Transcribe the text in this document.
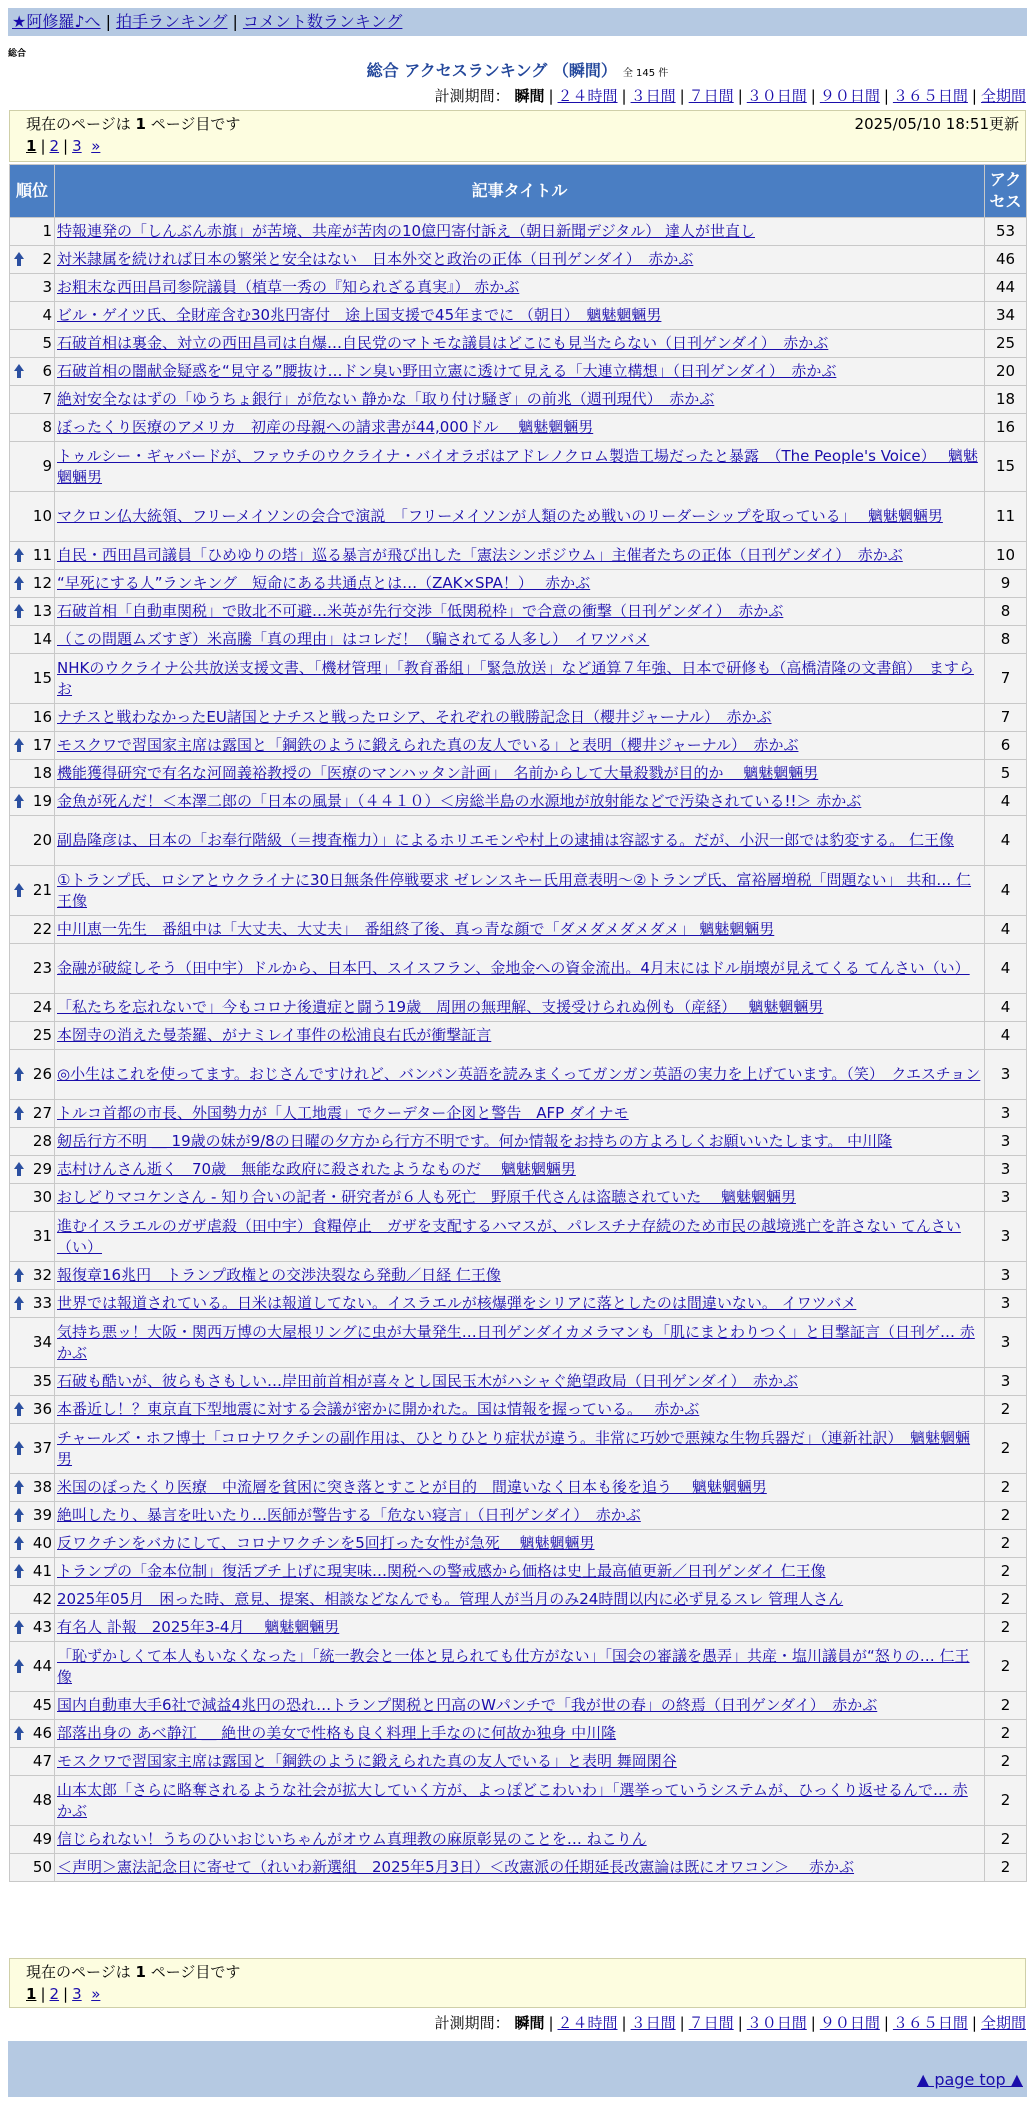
★阿修羅♪へ | 拍手ランキング | コメント数ランキング
総合
総合 アクセスランキング （瞬間） 全 145 件
計測期間： 瞬間 | ２４時間 | ３日間 | ７日間 | ３０日間 | ９０日間 | ３６５日間 | 全期間
現在のページは 1 ページ目です	2025/05/10 18:51更新
1 | 2 | 3 »
順位	記事タイトル	アクセス
1	特報連発の「しんぶん赤旗」が苦境、共産が苦肉の10億円寄付訴え（朝日新聞デジタル） 達人が世直し	53

2	対米隷属を続ければ日本の繁栄と安全はない　日本外交と政治の正体（日刊ゲンダイ）　赤かぶ	46
3	お粗末な西田昌司参院議員（植草一秀の『知られざる真実』） 赤かぶ	44
4	ビル・ゲイツ氏、全財産含む30兆円寄付　途上国支援で45年までに （朝日）　魑魅魍魎男	34
5	石破首相は裏金、対立の西田昌司は自爆…自民党のマトモな議員はどこにも見当たらない（日刊ゲンダイ）　赤かぶ	25

6	石破首相の闇献金疑惑を“見守る”腰抜け…ドン臭い野田立憲に透けて見える「大連立構想」（日刊ゲンダイ）　赤かぶ	20
7	絶対安全なはずの「ゆうちょ銀行」が危ない 静かな「取り付け騒ぎ」の前兆（週刊現代）　赤かぶ	18
8	ぼったくり医療のアメリカ　初産の母親への請求書が44,000ドル　 魑魅魍魎男	16
9	トゥルシー・ギャバードが、ファウチのウクライナ・バイオラボはアドレノクロム製造工場だったと暴露　（The People's Voice）　 魑魅魍魎男	15
10	マクロン仏大統領、フリーメイソンの会合で演説　「フリーメイソンが人類のため戦いのリーダーシップを取っている」　 魑魅魍魎男	11

11	自民・西田昌司議員「ひめゆりの塔」巡る暴言が飛び出した「憲法シンポジウム」主催者たちの正体（日刊ゲンダイ）　赤かぶ	10

12	“早死にする人”ランキング　短命にある共通点とは…（ZAK×SPA！）　 赤かぶ	9

13	石破首相「自動車関税」で敗北不可避…米英が先行交渉「低関税枠」で合意の衝撃（日刊ゲンダイ）　赤かぶ	8
14	（この問題ムズすぎ）米高騰「真の理由」はコレだ！（騙されてる人多し）　イワツバメ	8
15	NHKのウクライナ公共放送支援文書、「機材管理」「教育番組」「緊急放送」など通算７年強、日本で研修も（高橋清隆の文書館）　ますらお	7
16	ナチスと戦わなかったEU諸国とナチスと戦ったロシア、それぞれの戦勝記念日（櫻井ジャーナル）　赤かぶ	7

17	モスクワで習国家主席は露国と「鋼鉄のように鍛えられた真の友人でいる」と表明（櫻井ジャーナル）　赤かぶ	6
18	機能獲得研究で有名な河岡義裕教授の「医療のマンハッタン計画」　名前からして大量殺戮が目的か　 魑魅魍魎男	5

19	金魚が死んだ！＜本澤二郎の「日本の風景」（４４１０）＜房総半島の水源地が放射能などで汚染されている!!＞ 赤かぶ	4
20	副島隆彦は、日本の「お奉行階級（＝捜査権力）」によるホリエモンや村上の逮捕は容認する。だが、小沢一郎では豹変する。 仁王像	4

21	①トランプ氏、ロシアとウクライナに30日無条件停戦要求 ゼレンスキー氏用意表明～②トランプ氏、富裕層増税「問題ない」 共和… 仁王像	4
22	中川恵一先生　番組中は「大丈夫、大丈夫」　番組終了後、真っ青な顔で「ダメダメダメダメ」 魑魅魍魎男	4
23	金融が破綻しそう（田中宇）ドルから、日本円、スイスフラン、金地金への資金流出。4月末にはドル崩壊が見えてくる てんさい（い）	4
24	「私たちを忘れないで」今もコロナ後遺症と闘う19歳　周囲の無理解、支援受けられぬ例も（産経）　 魑魅魍魎男	4
25	本圀寺の消えた曼荼羅、がナミレイ事件の松浦良右氏が衝撃証言	4

26	◎小生はこれを使ってます。おじさんですけれど、バンバン英語を読みまくってガンガン英語の実力を上げています。（笑）　クエスチョン	3

27	トルコ首都の市長、外国勢力が「人工地震」でクーデター企図と警告　AFP ダイナモ	3
28	剱岳行方不明 ＿ 19歳の妹が9/8の日曜の夕方から行方不明です。何か情報をお持ちの方よろしくお願いいたします。 中川隆	3

29	志村けんさん逝く　70歳　無能な政府に殺されたようなものだ　 魑魅魍魎男	3
30	おしどりマコケンさん - 知り合いの記者・研究者が６人も死亡　野原千代さんは盗聴されていた　 魑魅魍魎男	3
31	進むイスラエルのガザ虐殺（田中宇）食糧停止　ガザを支配するハマスが、パレスチナ存続のため市民の越境逃亡を許さない てんさい（い）	3

32	報復章16兆円　トランプ政権との交渉決裂なら発動／日経 仁王像	3

33	世界では報道されている。日米は報道してない。イスラエルが核爆弾をシリアに落としたのは間違いない。 イワツバメ	3
34	気持ち悪ッ！大阪・関西万博の大屋根リングに虫が大量発生…日刊ゲンダイカメラマンも「肌にまとわりつく」と目撃証言（日刊ゲ… 赤かぶ	3
35	石破も酷いが、彼らもさもしい…岸田前首相が喜々とし国民玉木がハシャぐ絶望政局（日刊ゲンダイ）　赤かぶ	3

36	本番近し！？東京直下型地震に対する会議が密かに開かれた。国は情報を握っている。　 赤かぶ	2

37	チャールズ・ホフ博士「コロナワクチンの副作用は、ひとりひとり症状が違う。非常に巧妙で悪辣な生物兵器だ」（連新社訳）　魑魅魍魎男	2

38	米国のぼったくり医療　中流層を貧困に突き落とすことが目的　間違いなく日本も後を追う　 魑魅魍魎男	2

39	絶叫したり、暴言を吐いたり…医師が警告する「危ない寝言」（日刊ゲンダイ）　赤かぶ	2

40	反ワクチンをバカにして、コロナワクチンを5回打った女性が急死　 魑魅魍魎男	2

41	トランプの「金本位制」復活ブチ上げに現実味…関税への警戒感から価格は史上最高値更新／日刊ゲンダイ 仁王像	2
42	2025年05月　困った時、意見、提案、相談などなんでも。管理人が当月のみ24時間以内に必ず見るスレ 管理人さん	2

43	有名人 訃報　2025年3-4月　 魑魅魍魎男	2

44	「恥ずかしくて本人もいなくなった」「統一教会と一体と見られても仕方がない」「国会の審議を愚弄」共産・塩川議員が“怒りの… 仁王像	2
45	国内自動車大手6社で減益4兆円の恐れ…トランプ関税と円高のWパンチで「我が世の春」の終焉（日刊ゲンダイ）　赤かぶ	2

46	部落出身の あべ静江 ＿ 絶世の美女で性格も良く料理上手なのに何故か独身 中川隆	2
47	モスクワで習国家主席は露国と「鋼鉄のように鍛えられた真の友人でいる」と表明 舞岡閑谷	2
48	山本太郎「さらに略奪されるような社会が拡大していく方が、よっぽどこわいわ」「選挙っていうシステムが、ひっくり返せるんで… 赤かぶ	2
49	信じられない！うちのひいおじいちゃんがオウム真理教の麻原彰晃のことを… ねこりん	2
50	＜声明＞憲法記念日に寄せて（れいわ新選組　2025年5月3日）＜改憲派の任期延長改憲論は既にオワコン＞　 赤かぶ	2
現在のページは 1 ページ目です
1 | 2 | 3 »
計測期間： 瞬間 | ２４時間 | ３日間 | ７日間 | ３０日間 | ９０日間 | ３６５日間 | 全期間
▲ page top ▲
